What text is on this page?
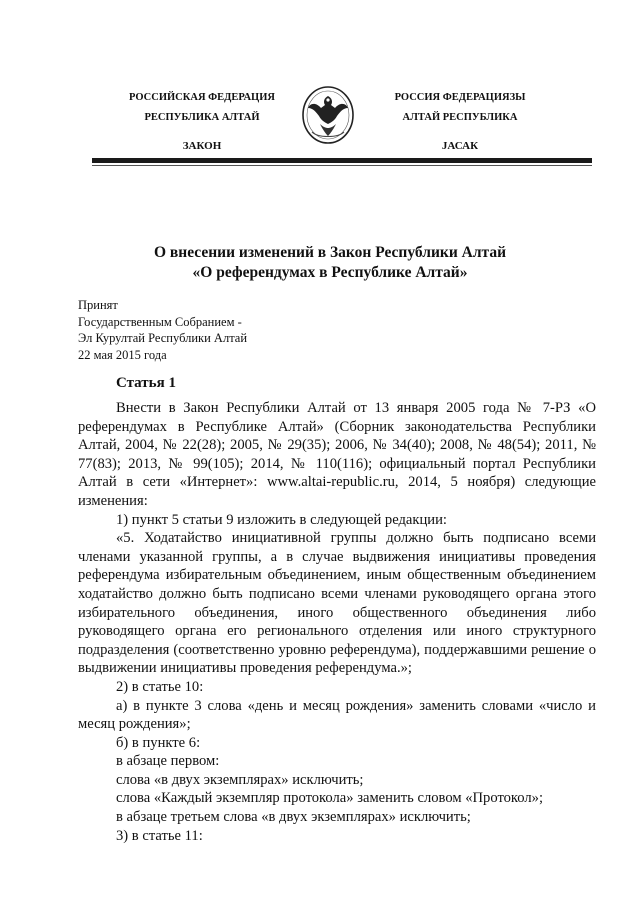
РОССИЙСКАЯ ФЕДЕРАЦИЯ
РЕСПУБЛИКА АЛТАЙ
ЗАКОН
РОССИЯ ФЕДЕРАЦИЯЗЫ
АЛТАЙ РЕСПУБЛИКА
JАСАК
О внесении изменений в Закон Республики Алтай
«О референдумах в Республике Алтай»
Принят
Государственным Собранием -
Эл Курултай Республики Алтай
22 мая 2015 года
Статья 1

Внести в Закон Республики Алтай от 13 января 2005 года № 7-РЗ «О референдумах в Республике Алтай» (Сборник законодательства Республики Алтай, 2004, № 22(28); 2005, № 29(35); 2006, № 34(40); 2008, № 48(54); 2011, № 77(83); 2013, № 99(105); 2014, № 110(116); официальный портал Республики Алтай в сети «Интернет»: www.altai-republic.ru, 2014, 5 ноября) следующие изменения:

1) пункт 5 статьи 9 изложить в следующей редакции:

«5. Ходатайство инициативной группы должно быть подписано всеми членами указанной группы, а в случае выдвижения инициативы проведения референдума избирательным объединением, иным общественным объединением ходатайство должно быть подписано всеми членами руководящего органа этого избирательного объединения, иного общественного объединения либо руководящего органа его регионального отделения или иного структурного подразделения (соответственно уровню референдума), поддержавшими решение о выдвижении инициативы проведения референдума.»;

2) в статье 10:

а) в пункте 3 слова «день и месяц рождения» заменить словами «число и месяц рождения»;

б) в пункте 6:

в абзаце первом:

слова «в двух экземплярах» исключить;

слова «Каждый экземпляр протокола» заменить словом «Протокол»;

в абзаце третьем слова «в двух экземплярах» исключить;

3) в статье 11:
